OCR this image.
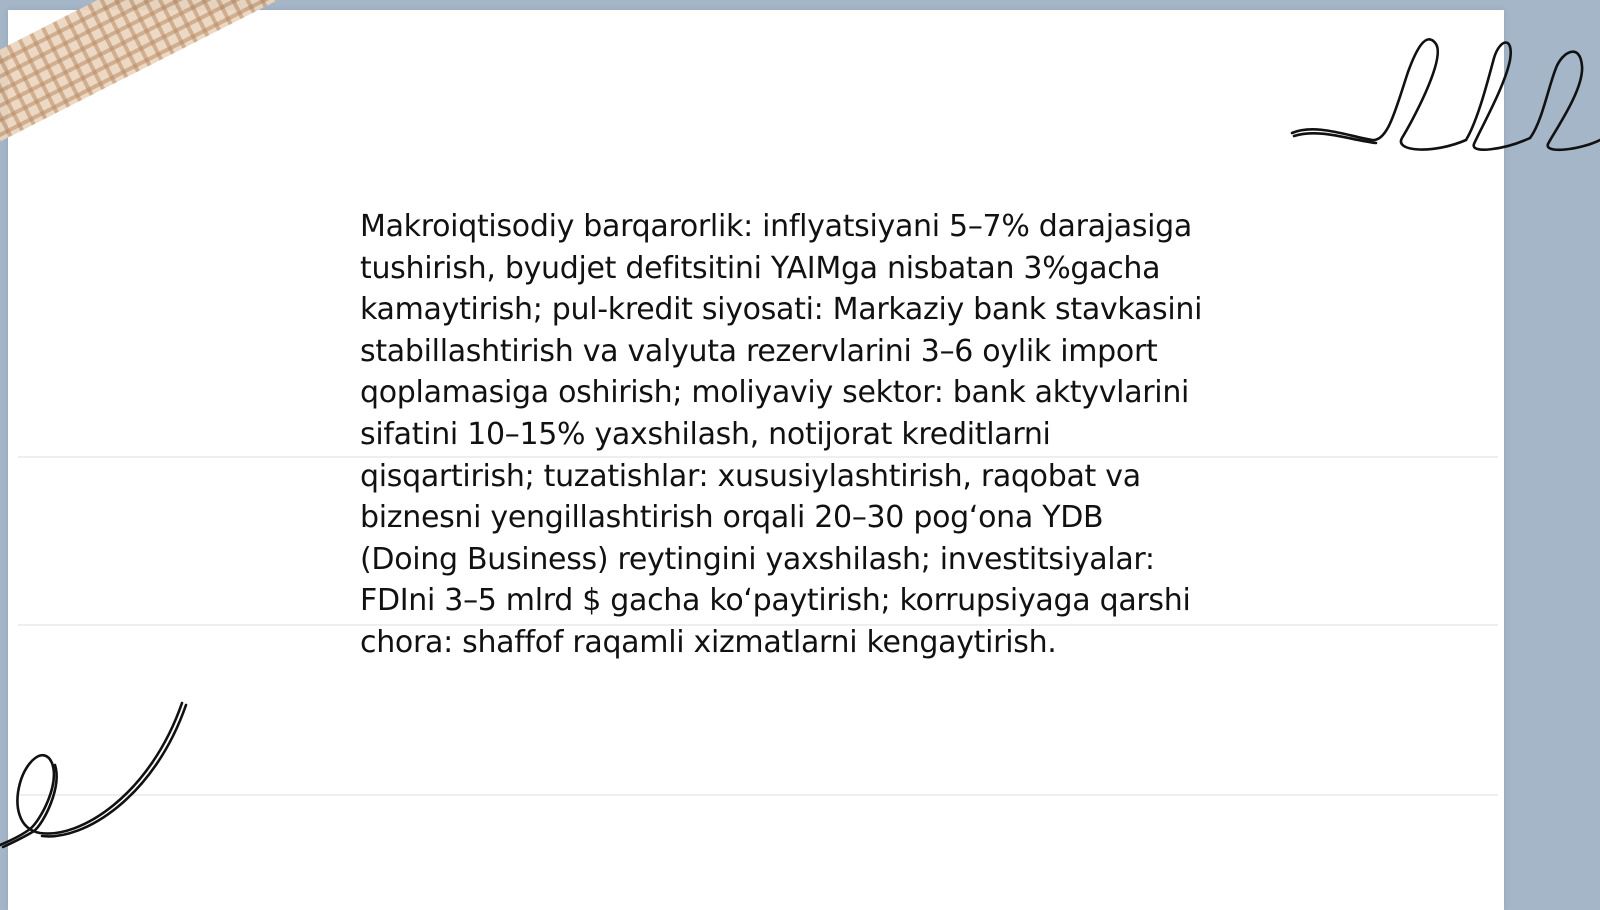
Makroiqtisodiy barqarorlik: inflyatsiyani 5–7% darajasiga tushirish, byudjet defitsitini YAIMga nisbatan 3%gacha kamaytirish; pul-kredit siyosati: Markaziy bank stavkasini stabillashtirish va valyuta rezervlarini 3–6 oylik import qoplamasiga oshirish; moliyaviy sektor: bank aktyvlarini sifatini 10–15% yaxshilash, notijorat kreditlarni qisqartirish; tuzatishlar: xususiylashtirish, raqobat va biznesni yengillashtirish orqali 20–30 pog‘ona YDB (Doing Business) reytingini yaxshilash; investitsiyalar: FDIni 3–5 mlrd $ gacha ko‘paytirish; korrupsiyaga qarshi chora: shaffof raqamli xizmatlarni kengaytirish.
